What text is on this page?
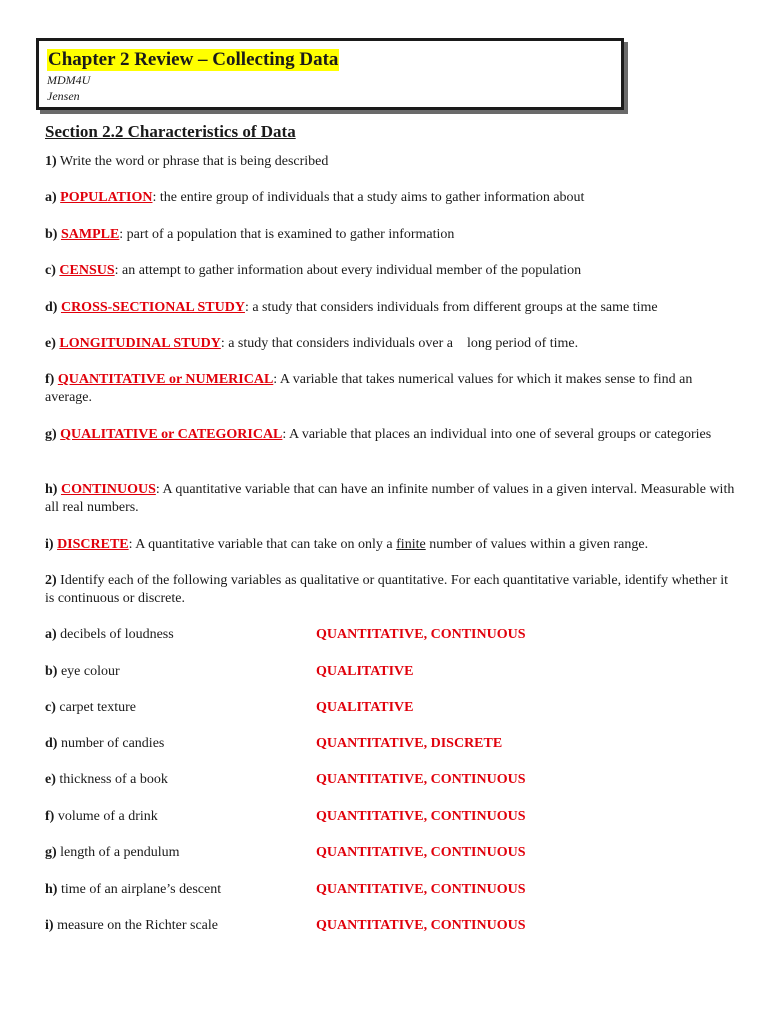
Chapter 2 Review – Collecting Data
MDM4U
Jensen
Section 2.2 Characteristics of Data
1) Write the word or phrase that is being described
a) POPULATION: the entire group of individuals that a study aims to gather information about
b) SAMPLE: part of a population that is examined to gather information
c) CENSUS: an attempt to gather information about every individual member of the population
d) CROSS-SECTIONAL STUDY: a study that considers individuals from different groups at the same time
e) LONGITUDINAL STUDY: a study that considers individuals over a    long period of time.
f) QUANTITATIVE or NUMERICAL: A variable that takes numerical values for which it makes sense to find an average.
g) QUALITATIVE or CATEGORICAL: A variable that places an individual into one of several groups or categories
h) CONTINUOUS: A quantitative variable that can have an infinite number of values in a given interval. Measurable with all real numbers.
i) DISCRETE: A quantitative variable that can take on only a finite number of values within a given range.
2) Identify each of the following variables as qualitative or quantitative. For each quantitative variable, identify whether it is continuous or discrete.
a) decibels of loudness	QUANTITATIVE, CONTINUOUS
b) eye colour	QUALITATIVE
c) carpet texture	QUALITATIVE
d) number of candies	QUANTITATIVE, DISCRETE
e) thickness of a book	QUANTITATIVE, CONTINUOUS
f) volume of a drink	QUANTITATIVE, CONTINUOUS
g) length of a pendulum	QUANTITATIVE, CONTINUOUS
h) time of an airplane’s descent	QUANTITATIVE, CONTINUOUS
i) measure on the Richter scale	QUANTITATIVE, CONTINUOUS
